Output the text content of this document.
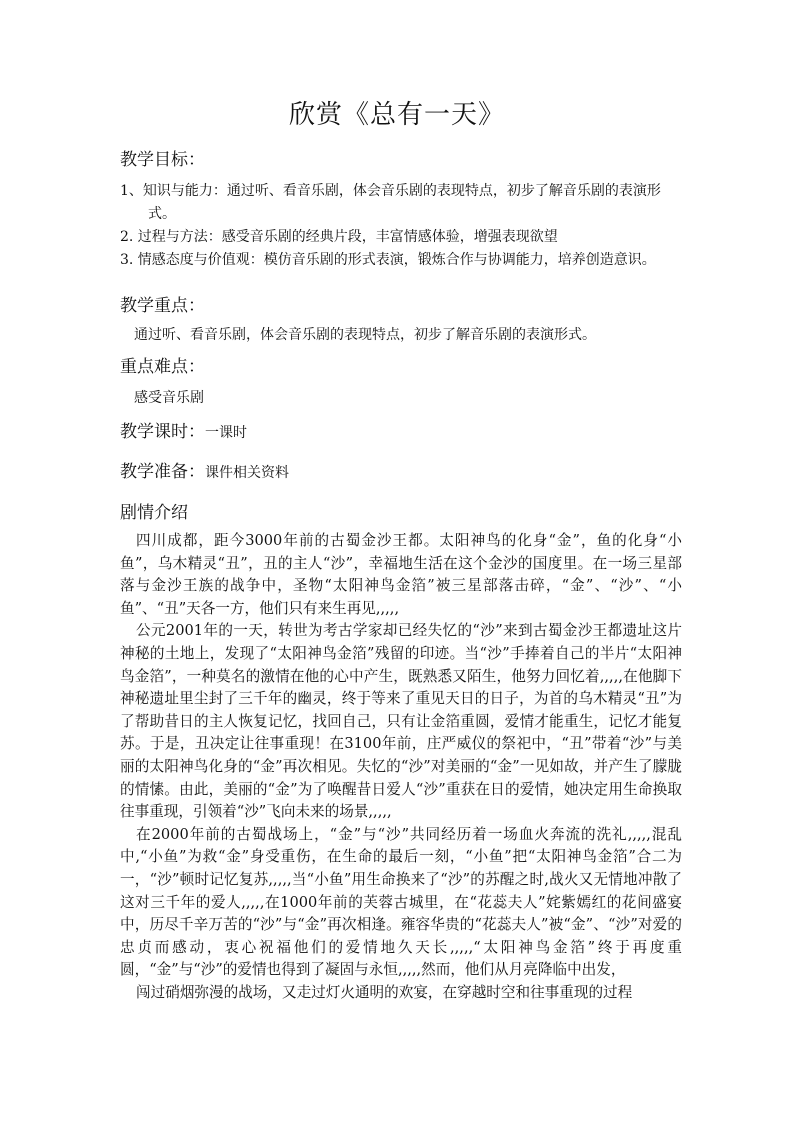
欣赏《总有一天》
教学目标：
1、知识与能力：通过听、看音乐剧，体会音乐剧的表现特点，初步了解音乐剧的表演形式。
2. 过程与方法：感受音乐剧的经典片段，丰富情感体验，增强表现欲望
3. 情感态度与价值观：模仿音乐剧的形式表演，锻炼合作与协调能力，培养创造意识。
教学重点：

通过听、看音乐剧，体会音乐剧的表现特点，初步了解音乐剧的表演形式。

重点难点：

感受音乐剧

教学课时：一课时
教学准备：课件相关资料
剧情介绍

四川成都，距今3000年前的古蜀金沙王都。太阳神鸟的化身“金”，鱼的化身“小鱼”，乌木精灵“丑”，丑的主人“沙”，幸福地生活在这个金沙的国度里。在一场三星部落与金沙王族的战争中，圣物“太阳神鸟金箔”被三星部落击碎，“金”、“沙”、“小鱼”、“丑”天各一方，他们只有来生再见,,,,,

公元2001年的一天，转世为考古学家却已经失忆的“沙”来到古蜀金沙王都遗址这片神秘的土地上，发现了“太阳神鸟金箔”残留的印迹。当“沙”手捧着自己的半片“太阳神鸟金箔”，一种莫名的激情在他的心中产生，既熟悉又陌生，他努力回忆着,,,,,在他脚下神秘遗址里尘封了三千年的幽灵，终于等来了重见天日的日子，为首的乌木精灵“丑”为了帮助昔日的主人恢复记忆，找回自己，只有让金箔重圆，爱情才能重生，记忆才能复苏。于是，丑决定让往事重现！在3100年前，庄严威仪的祭祀中，“丑”带着“沙”与美丽的太阳神鸟化身的“金”再次相见。失忆的“沙”对美丽的“金”一见如故，并产生了朦胧的情愫。由此，美丽的“金”为了唤醒昔日爱人“沙”重获在日的爱情，她决定用生命换取往事重现，引领着“沙”飞向未来的场景,,,,,

在2000年前的古蜀战场上，“金”与“沙”共同经历着一场血火奔流的洗礼,,,,,混乱中,“小鱼”为救“金”身受重伤，在生命的最后一刻，“小鱼”把“太阳神鸟金箔”合二为一，“沙”顿时记忆复苏,,,,,当“小鱼”用生命换来了“沙”的苏醒之时,战火又无情地冲散了这对三千年的爱人,,,,,在1000年前的芙蓉古城里，在“花蕊夫人”姹紫嫣红的花间盛宴中，历尽千辛万苦的“沙”与“金”再次相逢。雍容华贵的“花蕊夫人”被“金”、“沙”对爱的忠贞而感动，衷心祝福他们的爱情地久天长,,,,,“太阳神鸟金箔”终于再度重圆，“金”与“沙”的爱情也得到了凝固与永恒,,,,,然而，他们从月亮降临中出发，

闯过硝烟弥漫的战场，又走过灯火通明的欢宴，在穿越时空和往事重现的过程
